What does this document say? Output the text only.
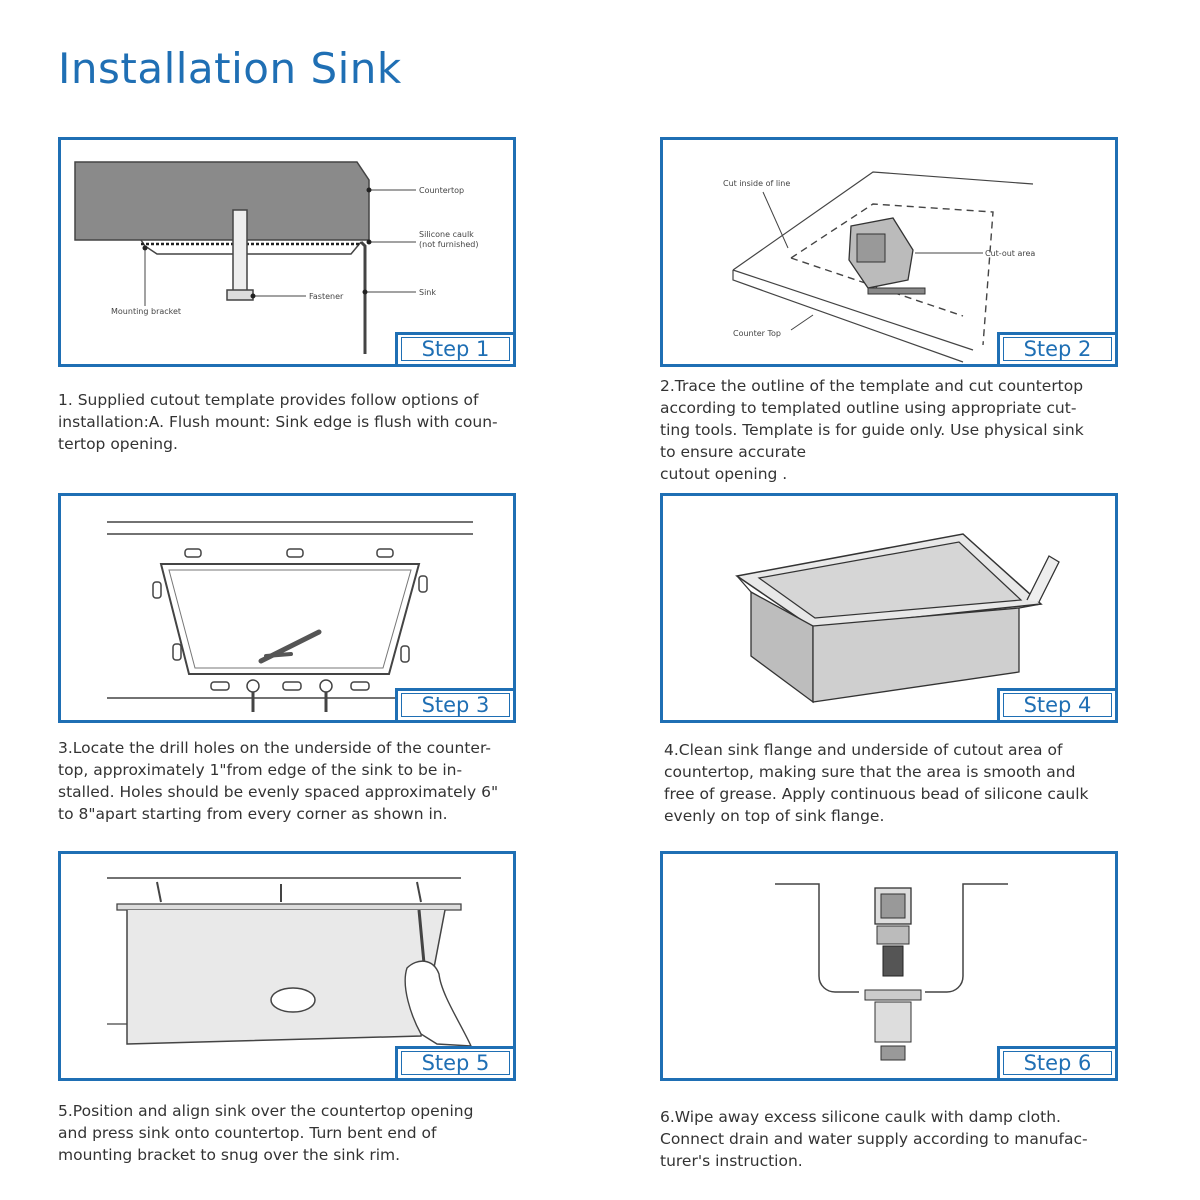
Installation Sink
Countertop
Silicone caulk
(not furnished)
Sink
Fastener
Mounting bracket
Step 1
1. Supplied cutout template provides follow options of
installation:A. Flush mount: Sink edge is flush with coun-
tertop opening.
Cut inside of line
Cut-out area
Counter Top
Step 2
2.Trace the outline of the template and cut countertop
according to templated outline using appropriate cut-
ting tools. Template is for guide only. Use physical sink
to ensure accurate
cutout opening .
Step 3
3.Locate the drill holes on the underside of the counter-
top, approximately 1"from edge of the sink to be in-
stalled. Holes should be evenly spaced approximately 6"
to 8"apart starting from every corner as shown in.
Step 4
4.Clean sink flange and underside of cutout area of
countertop, making sure that the area is smooth and
free of grease. Apply continuous bead of silicone caulk
evenly on top of sink flange.
Step 5
5.Position and align sink over the countertop opening
and press sink onto countertop. Turn bent end of
mounting bracket to snug over the sink rim.
Step 6
6.Wipe away excess silicone caulk with damp cloth.
Connect drain and water supply according to manufac-
turer's instruction.
